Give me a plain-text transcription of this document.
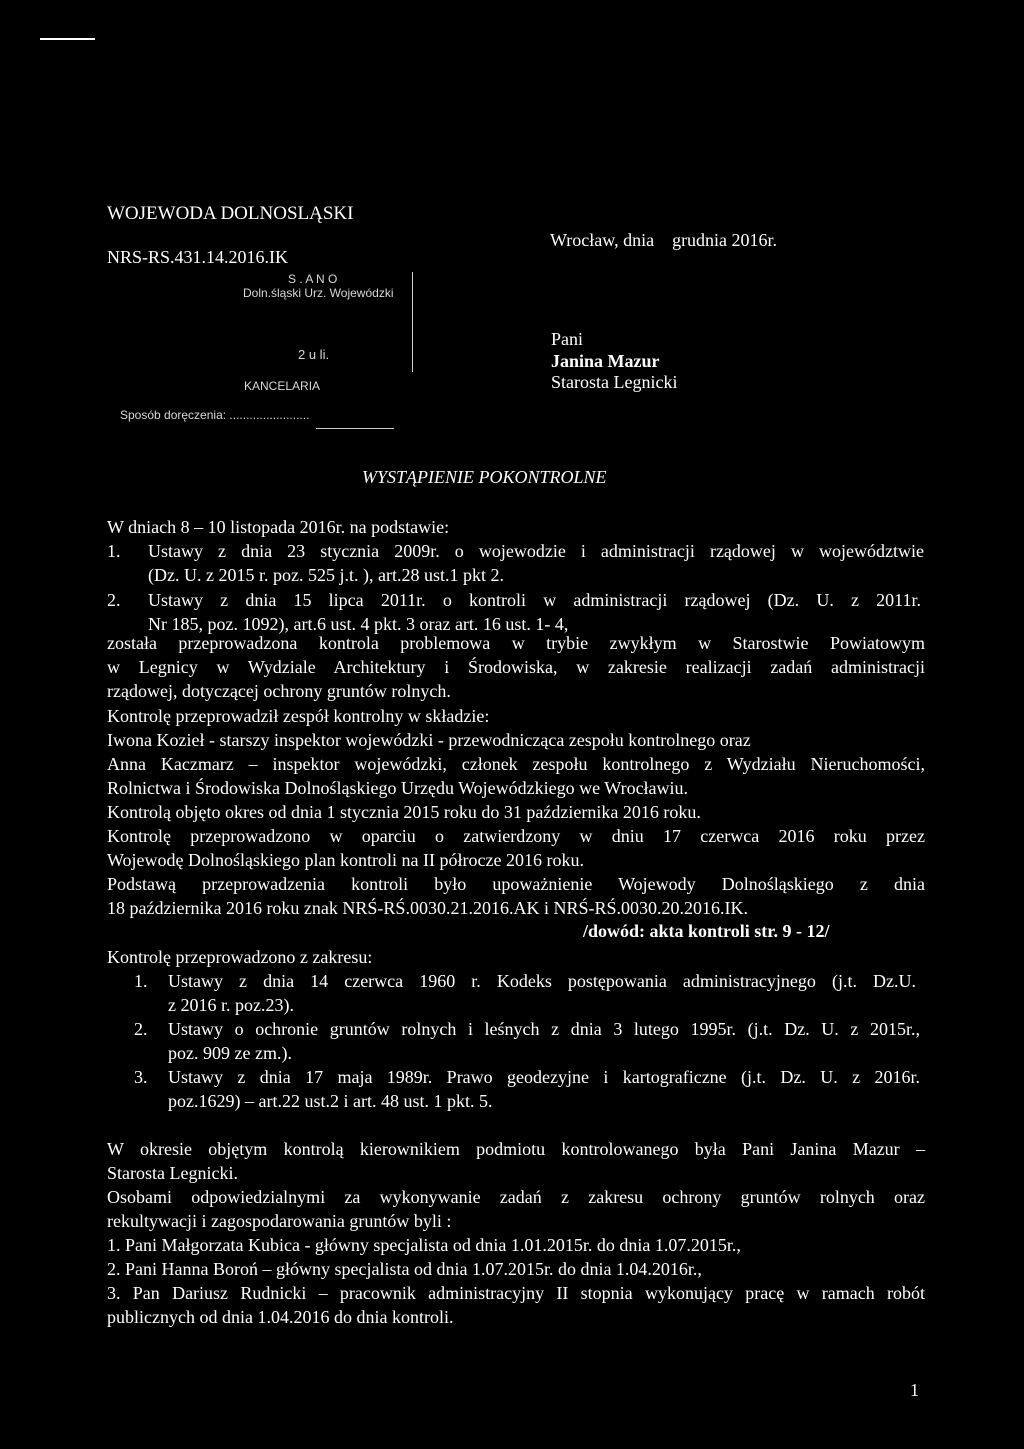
WOJEWODA DOLNOSLĄSKI
NRS-RS.431.14.2016.IK
Wrocław, dnia    grudnia 2016r.
S . A N O
Doln.śląski Urz. Wojewódzki
2 u li.
KANCELARIA
Sposób doręczenia: ........................
Pani
Janina Mazur
Starosta Legnicki
WYSTĄPIENIE POKONTROLNE
W dniach 8 – 10 listopada 2016r. na podstawie:
1. Ustawy z dnia 23 stycznia 2009r. o wojewodzie i administracji rządowej w województwie
(Dz. U. z 2015 r. poz. 525 j.t. ), art.28 ust.1 pkt 2.
2. Ustawy z dnia 15 lipca 2011r. o kontroli w administracji rządowej (Dz. U. z 2011r.
Nr 185, poz. 1092), art.6 ust. 4 pkt. 3 oraz art. 16 ust. 1- 4,
została przeprowadzona kontrola problemowa w trybie zwykłym w Starostwie Powiatowym
w Legnicy w Wydziale Architektury i Środowiska, w zakresie realizacji zadań administracji
rządowej, dotyczącej ochrony gruntów rolnych.
Kontrolę przeprowadził zespół kontrolny w składzie:
Iwona Kozieł - starszy inspektor wojewódzki - przewodnicząca zespołu kontrolnego oraz
Anna Kaczmarz – inspektor wojewódzki, członek zespołu kontrolnego z Wydziału Nieruchomości,
Rolnictwa i Środowiska Dolnośląskiego Urzędu Wojewódzkiego we Wrocławiu.
Kontrolą objęto okres od dnia 1 stycznia 2015 roku do 31 października 2016 roku.
Kontrolę przeprowadzono w oparciu o zatwierdzony w dniu 17 czerwca 2016 roku przez
Wojewodę Dolnośląskiego plan kontroli na II półrocze 2016 roku.
Podstawą przeprowadzenia kontroli było upoważnienie Wojewody Dolnośląskiego z dnia
18 października 2016 roku znak NRŚ-RŚ.0030.21.2016.AK i NRŚ-RŚ.0030.20.2016.IK.
/dowód: akta kontroli str. 9 - 12/
Kontrolę przeprowadzono z zakresu:
1. Ustawy z dnia 14 czerwca 1960 r. Kodeks postępowania administracyjnego (j.t. Dz.U.
z 2016 r. poz.23).
2. Ustawy o ochronie gruntów rolnych i leśnych z dnia 3 lutego 1995r. (j.t. Dz. U. z 2015r.,
poz. 909 ze zm.).
3. Ustawy z dnia 17 maja 1989r. Prawo geodezyjne i kartograficzne (j.t. Dz. U. z 2016r.
poz.1629) – art.22 ust.2 i art. 48 ust. 1 pkt. 5.
W okresie objętym kontrolą kierownikiem podmiotu kontrolowanego była Pani Janina Mazur –
Starosta Legnicki.
Osobami odpowiedzialnymi za wykonywanie zadań z zakresu ochrony gruntów rolnych oraz
rekultywacji i zagospodarowania gruntów byli :
1. Pani Małgorzata Kubica - główny specjalista od dnia 1.01.2015r. do dnia 1.07.2015r.,
2. Pani Hanna Boroń – główny specjalista od dnia 1.07.2015r. do dnia 1.04.2016r.,
3. Pan Dariusz Rudnicki – pracownik administracyjny II stopnia wykonujący pracę w ramach robót
publicznych od dnia 1.04.2016 do dnia kontroli.
1
